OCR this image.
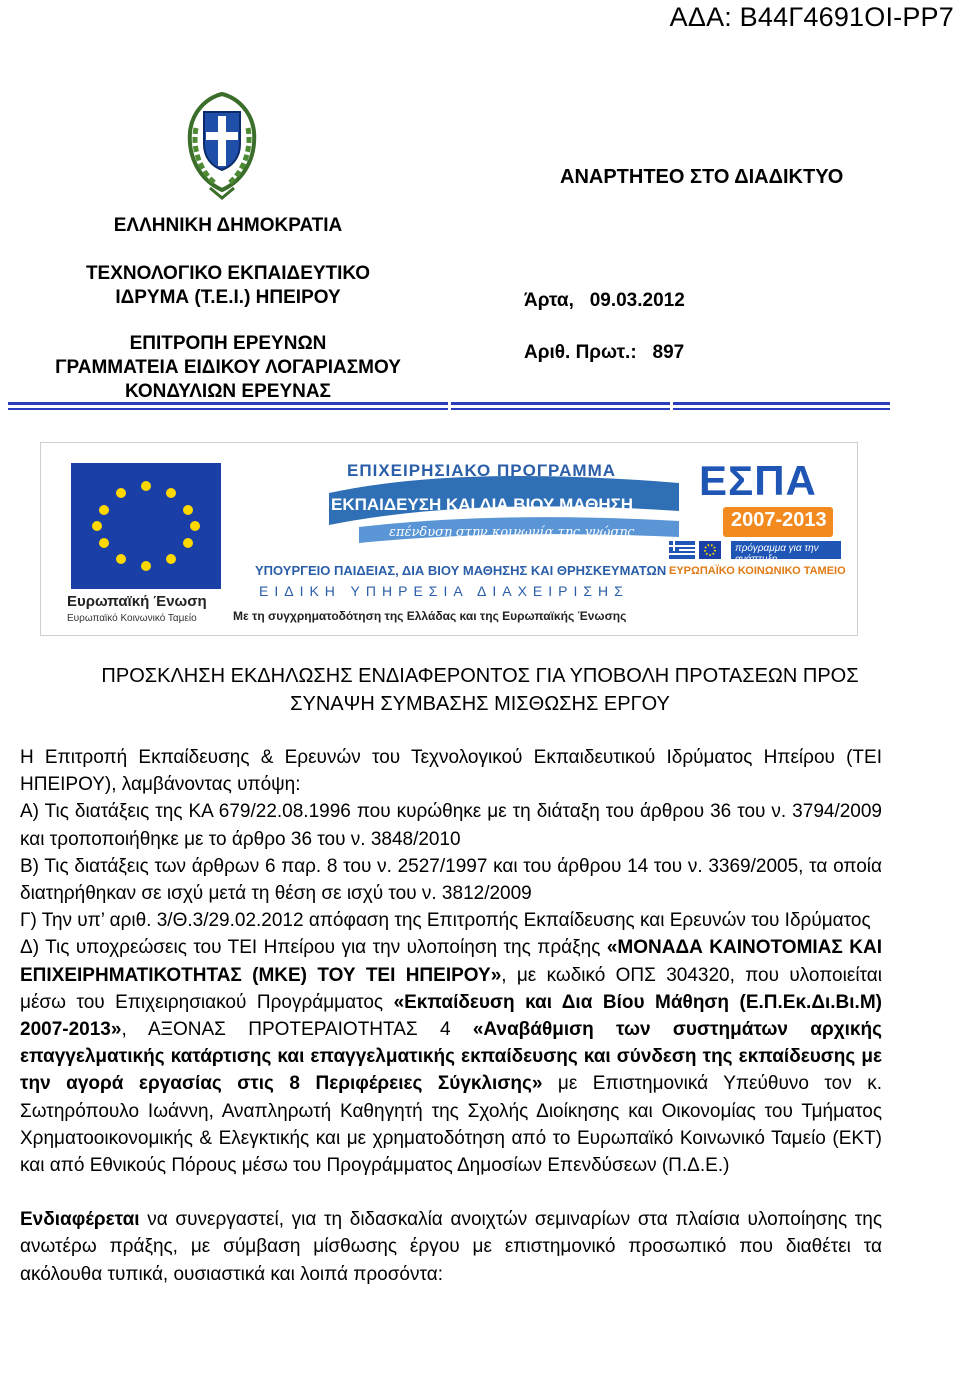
ΑΔΑ: Β44Γ4691ΟΙ-ΡΡ7
ΕΛΛΗΝΙΚΗ ΔΗΜΟΚΡΑΤΙΑ
ΤΕΧΝΟΛΟΓΙΚΟ ΕΚΠΑΙΔΕΥΤΙΚΟ
ΙΔΡΥΜΑ (Τ.Ε.Ι.) ΗΠΕΙΡΟΥ
ΕΠΙΤΡΟΠΗ ΕΡΕΥΝΩΝ
ΓΡΑΜΜΑΤΕΙΑ ΕΙΔΙΚΟΥ ΛΟΓΑΡΙΑΣΜΟΥ
ΚΟΝΔΥΛΙΩΝ ΕΡΕΥΝΑΣ
ΑΝΑΡΤΗΤΕΟ ΣΤΟ ΔΙΑΔΙΚΤΥΟ
Άρτα,   09.03.2012
Αριθ. Πρωτ.:   897
Ευρωπαϊκή Ένωση
Ευρωπαϊκό Κοινωνικό Ταμείο
ΕΠΙΧΕΙΡΗΣΙΑΚΟ ΠΡΟΓΡΑΜΜΑ
ΕΚΠΑΙΔΕΥΣΗ ΚΑΙ ΔΙΑ ΒΙΟΥ ΜΑΘΗΣΗ
επένδυση στην κοινωνία της γνώσης
ΥΠΟΥΡΓΕΙΟ ΠΑΙΔΕΙΑΣ, ΔΙΑ ΒΙΟΥ ΜΑΘΗΣΗΣ ΚΑΙ ΘΡΗΣΚΕΥΜΑΤΩΝ
ΕΙΔΙΚΗ ΥΠΗΡΕΣΙΑ ΔΙΑΧΕΙΡΙΣΗΣ
Με τη συγχρηματοδότηση της Ελλάδας και της Ευρωπαϊκής Ένωσης
ΕΣΠΑ
2007-2013
πρόγραμμα για την ανάπτυξη
ΕΥΡΩΠΑΪΚΟ ΚΟΙΝΩΝΙΚΟ ΤΑΜΕΙΟ
ΠΡΟΣΚΛΗΣΗ ΕΚΔΗΛΩΣΗΣ ΕΝΔΙΑΦΕΡΟΝΤΟΣ ΓΙΑ ΥΠΟΒΟΛΗ ΠΡΟΤΑΣΕΩΝ ΠΡΟΣ
ΣΥΝΑΨΗ ΣΥΜΒΑΣΗΣ ΜΙΣΘΩΣΗΣ ΕΡΓΟΥ

Η Επιτροπή Εκπαίδευσης & Ερευνών του Τεχνολογικού Εκπαιδευτικού Ιδρύματος Ηπείρου (ΤΕΙ ΗΠΕΙΡΟΥ), λαμβάνοντας υπόψη:

Α) Τις διατάξεις της ΚΑ 679/22.08.1996 που κυρώθηκε με τη διάταξη του άρθρου 36 του ν. 3794/2009 και τροποποιήθηκε με το άρθρο 36 του ν. 3848/2010

Β) Τις διατάξεις των άρθρων 6 παρ. 8 του ν. 2527/1997 και του άρθρου 14 του ν. 3369/2005, τα οποία διατηρήθηκαν σε ισχύ μετά τη θέση σε ισχύ του ν. 3812/2009

Γ) Την υπ’ αριθ. 3/Θ.3/29.02.2012 απόφαση της Επιτροπής Εκπαίδευσης και Ερευνών του Ιδρύματος

Δ) Τις υποχρεώσεις του ΤΕΙ Ηπείρου για την υλοποίηση της πράξης «ΜΟΝΑΔΑ ΚΑΙΝΟΤΟΜΙΑΣ ΚΑΙ ΕΠΙΧΕΙΡΗΜΑΤΙΚΟΤΗΤΑΣ (ΜΚΕ) ΤΟΥ ΤΕΙ ΗΠΕΙΡΟΥ», με κωδικό ΟΠΣ 304320, που υλοποιείται μέσω του Επιχειρησιακού Προγράμματος «Εκπαίδευση και Δια Βίου Μάθηση (Ε.Π.Εκ.Δι.Βι.Μ) 2007-2013», ΑΞΟΝΑΣ ΠΡΟΤΕΡΑΙΟΤΗΤΑΣ 4 «Αναβάθμιση των συστημάτων αρχικής επαγγελματικής κατάρτισης και επαγγελματικής εκπαίδευσης και σύνδεση της εκπαίδευσης με την αγορά εργασίας στις 8 Περιφέρειες Σύγκλισης» με Επιστημονικά Υπεύθυνο τον κ. Σωτηρόπουλο Ιωάννη, Αναπληρωτή Καθηγητή της Σχολής Διοίκησης και Οικονομίας του Τμήματος Χρηματοοικονομικής & Ελεγκτικής και με χρηματοδότηση από το Ευρωπαϊκό Κοινωνικό Ταμείο (ΕΚΤ) και από Εθνικούς Πόρους μέσω του Προγράμματος Δημοσίων Επενδύσεων (Π.Δ.Ε.)

Ενδιαφέρεται να συνεργαστεί, για τη διδασκαλία ανοιχτών σεμιναρίων στα πλαίσια υλοποίησης της ανωτέρω πράξης, με σύμβαση μίσθωσης έργου με επιστημονικό προσωπικό που διαθέτει τα ακόλουθα τυπικά, ουσιαστικά και λοιπά προσόντα:
